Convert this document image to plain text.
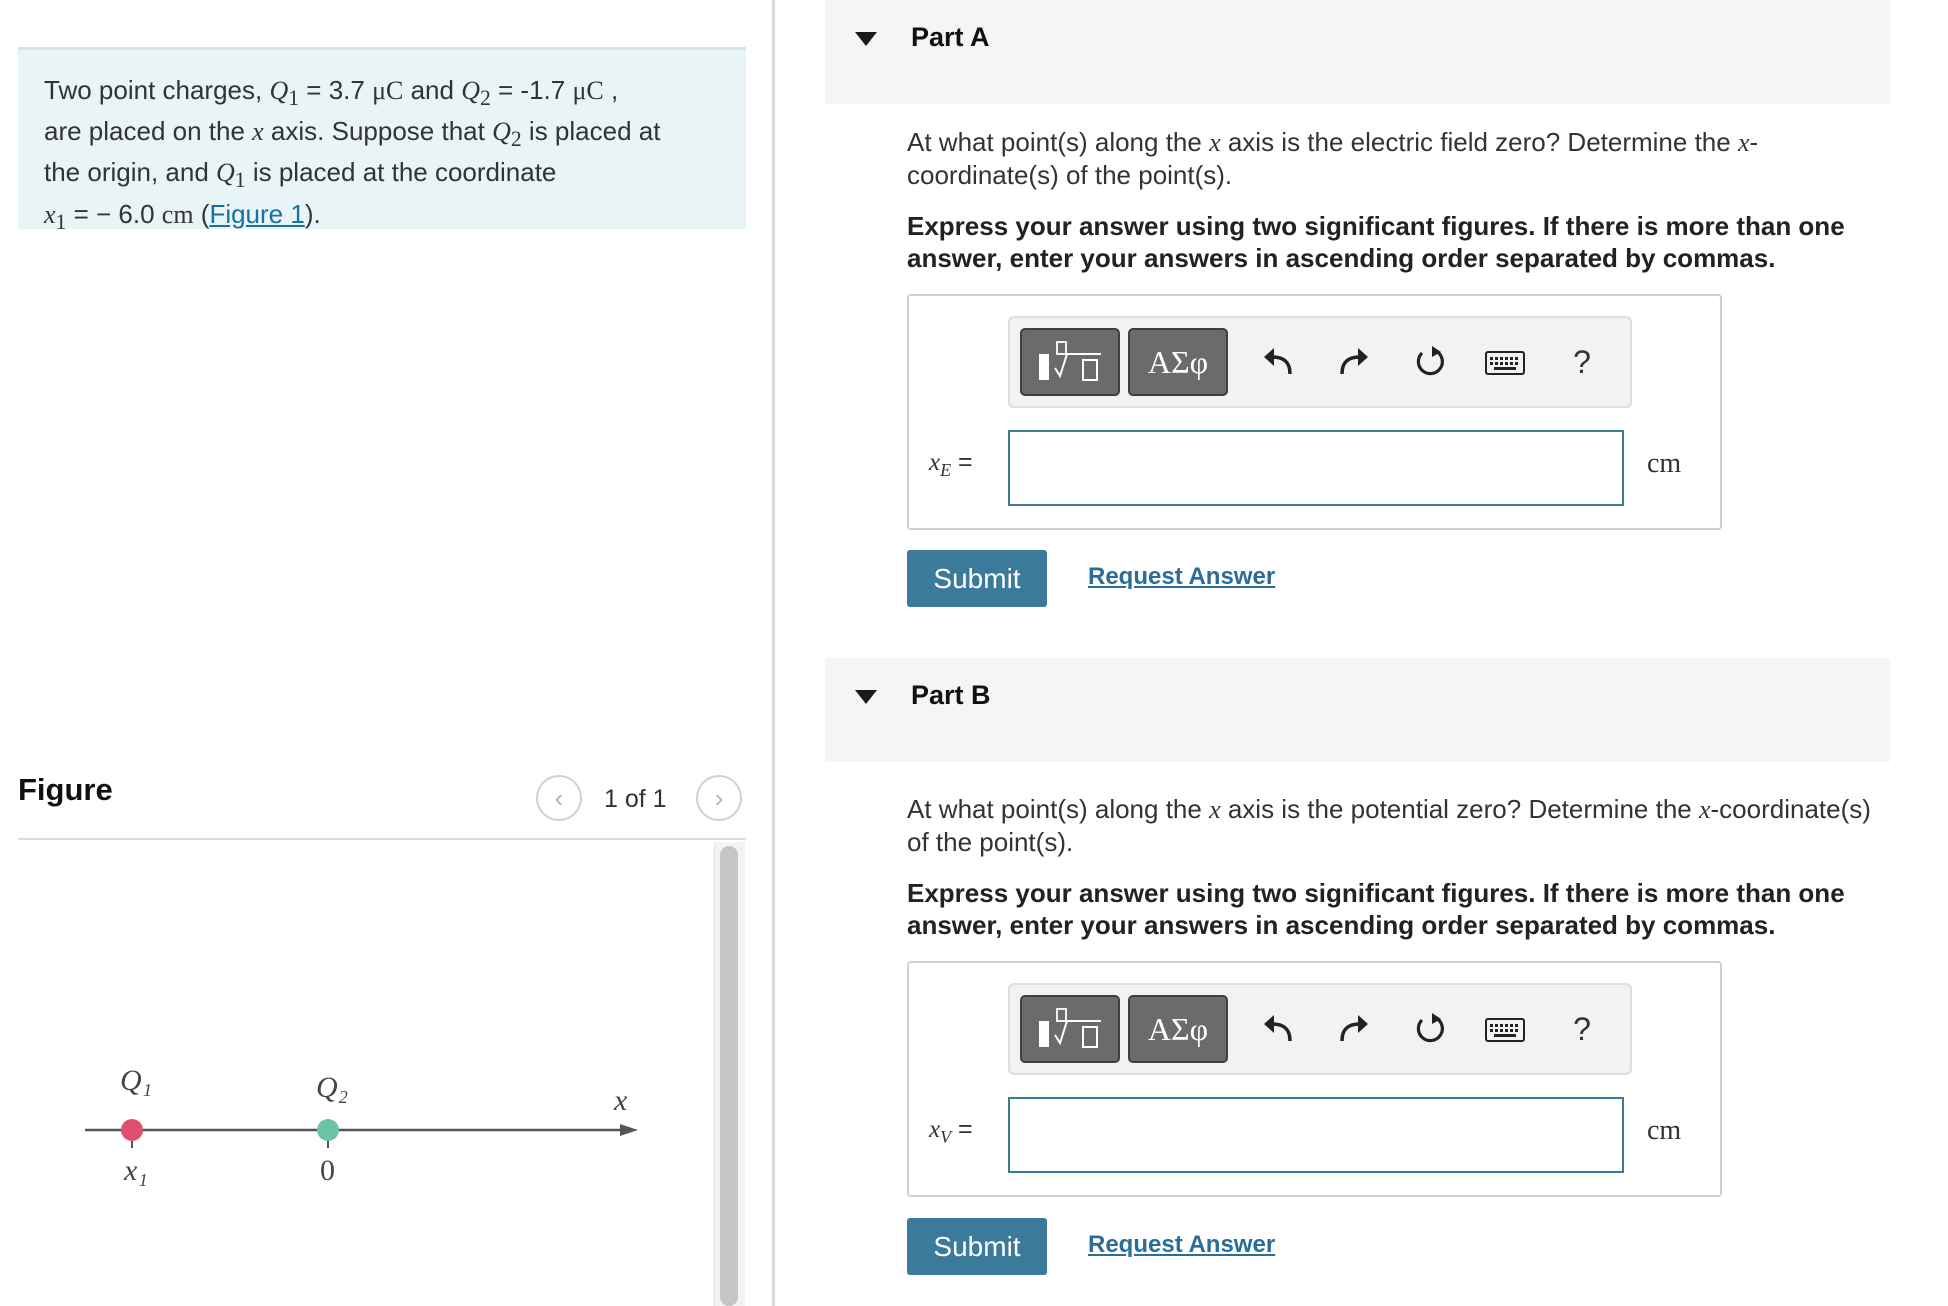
Two point charges, $Q_1 = 3.7$ μC and $Q_2 = -1.7$ μC ,
are placed on the x axis. Suppose that $Q_2$ is placed at
the origin, and $Q_1$ is placed at the coordinate
$x_1$ = − 6.0 cm (Figure 1).
Figure	‹ 1 of 1 ›
Q₁	Q₂	x
x₁	0
Part A
At what point(s) along the x axis is the electric field zero? Determine the x-coordinate(s) of the point(s).
Express your answer using two significant figures. If there is more than one answer, enter your answers in ascending order separated by commas.
ΑΣφ	?
$x_E$ =	cm
Submit	Request Answer
Part B
At what point(s) along the x axis is the potential zero? Determine the x-coordinate(s) of the point(s).
Express your answer using two significant figures. If there is more than one answer, enter your answers in ascending order separated by commas.
ΑΣφ	?
$x_V$ =	cm
Submit	Request Answer
